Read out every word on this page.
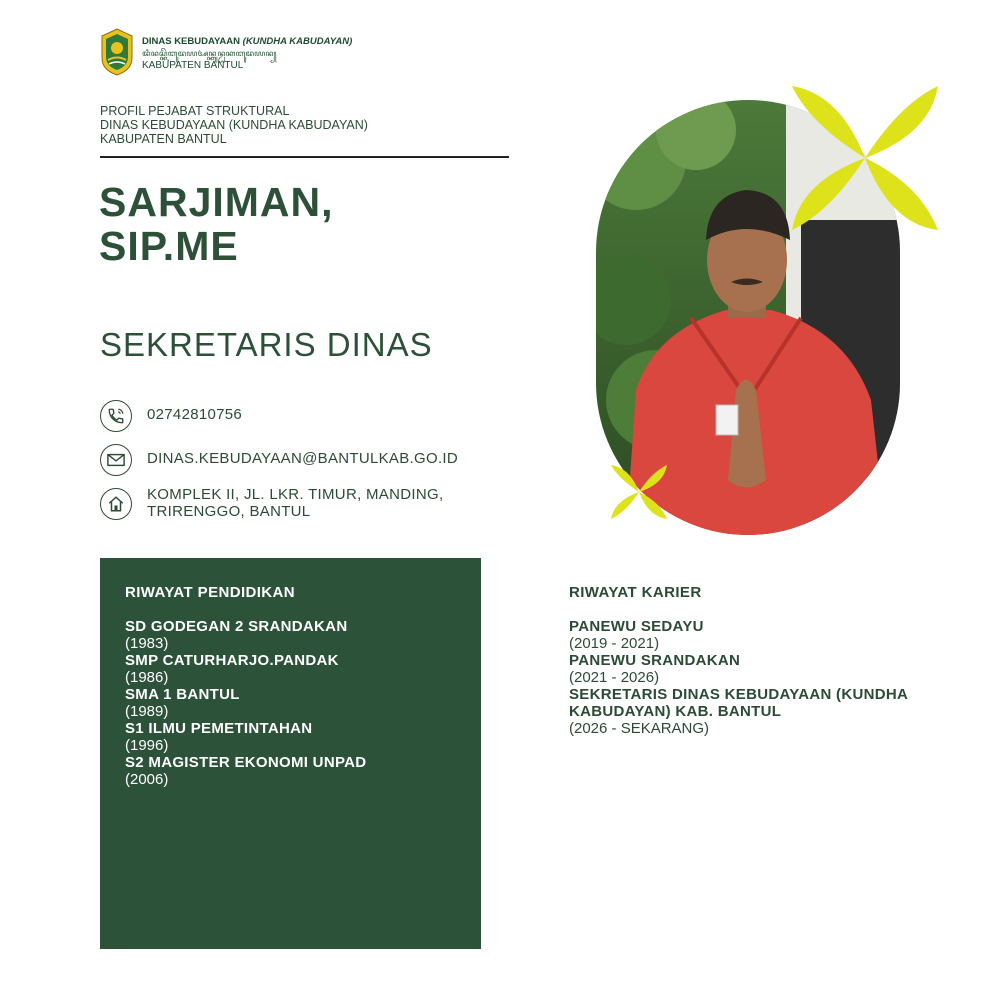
DINAS KEBUDAYAAN (KUNDHA KABUDAYAN)
ꦢꦶꦤꦱ꧀ꦏꦼꦧꦸꦢꦪꦄꦤ꧀ꦏꦸꦤ꧀ꦝꦏꦧꦸꦢꦪꦤ꧀
KABUPATEN BANTUL
PROFIL PEJABAT STRUKTURAL
DINAS KEBUDAYAAN (KUNDHA KABUDAYAN)
KABUPATEN BANTUL
SARJIMAN,
SIP.ME
SEKRETARIS DINAS
02742810756
DINAS.KEBUDAYAAN@BANTULKAB.GO.ID
KOMPLEK II, JL. LKR. TIMUR, MANDING,
TRIRENGGO, BANTUL
RIWAYAT PENDIDIKAN
SD GODEGAN 2 SRANDAKAN
(1983)
SMP CATURHARJO.PANDAK
(1986)
SMA 1 BANTUL
(1989)
S1 ILMU PEMETINTAHAN
(1996)
S2 MAGISTER EKONOMI UNPAD
(2006)
RIWAYAT KARIER
PANEWU SEDAYU
(2019 - 2021)
PANEWU SRANDAKAN
(2021 - 2026)
SEKRETARIS DINAS KEBUDAYAAN (KUNDHA KABUDAYAN) KAB. BANTUL
(2026 - SEKARANG)
